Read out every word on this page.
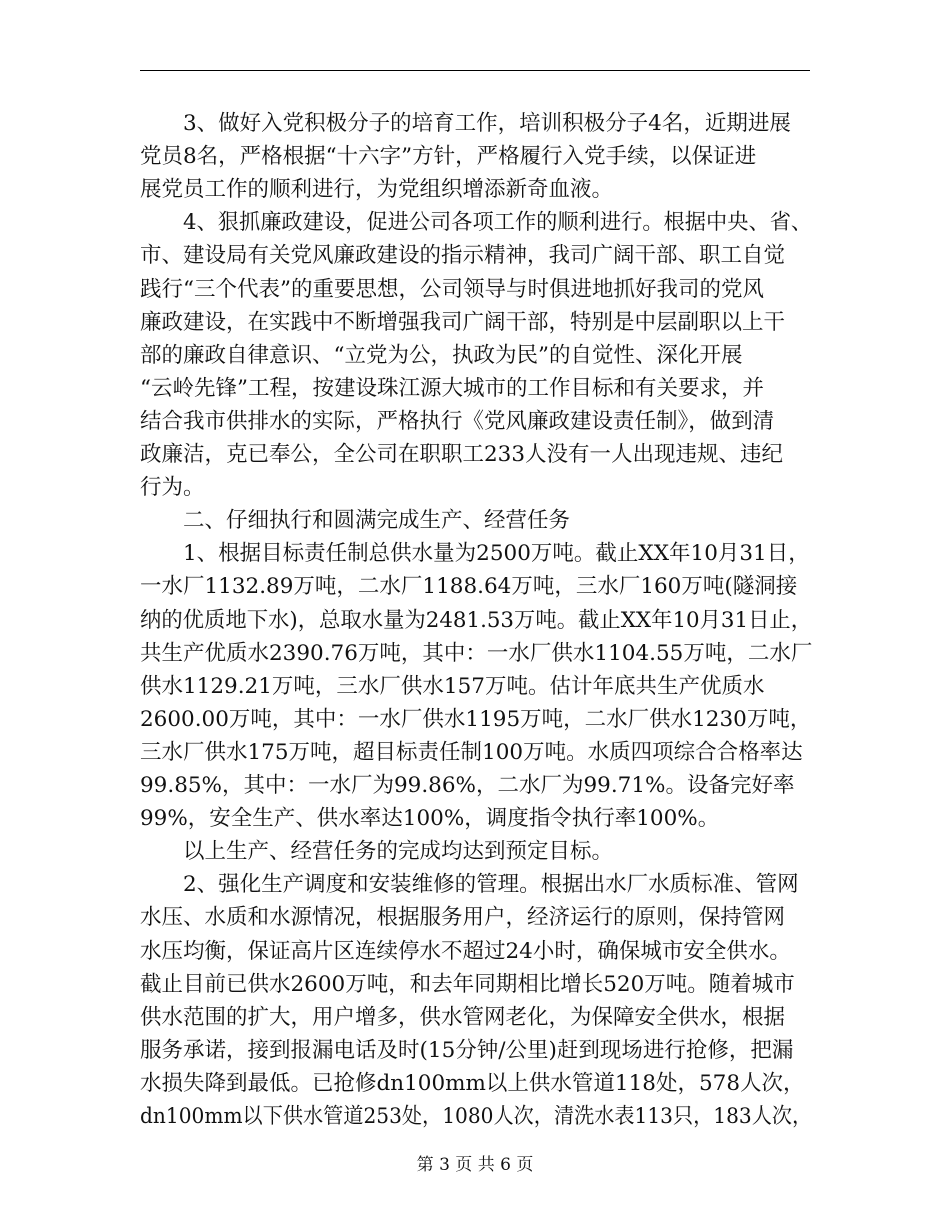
3、做好入党积极分子的培育工作，培训积极分子4名，近期进展
党员8名，严格根据“十六字”方针，严格履行入党手续，以保证进
展党员工作的顺利进行，为党组织增添新奇血液。
4、狠抓廉政建设，促进公司各项工作的顺利进行。根据中央、省、
市、建设局有关党风廉政建设的指示精神，我司广阔干部、职工自觉
践行“三个代表”的重要思想，公司领导与时俱进地抓好我司的党风
廉政建设，在实践中不断增强我司广阔干部，特别是中层副职以上干
部的廉政自律意识、“立党为公，执政为民”的自觉性、深化开展
“云岭先锋”工程，按建设珠江源大城市的工作目标和有关要求，并
结合我市供排水的实际，严格执行《党风廉政建设责任制》，做到清
政廉洁，克已奉公，全公司在职职工233人没有一人出现违规、违纪
行为。
二、仔细执行和圆满完成生产、经营任务
1、根据目标责任制总供水量为2500万吨。截止XX年10月31日，
一水厂1132.89万吨，二水厂1188.64万吨，三水厂160万吨(隧洞接
纳的优质地下水)，总取水量为2481.53万吨。截止XX年10月31日止，
共生产优质水2390.76万吨，其中：一水厂供水1104.55万吨，二水厂
供水1129.21万吨，三水厂供水157万吨。估计年底共生产优质水
2600.00万吨，其中：一水厂供水1195万吨，二水厂供水1230万吨，
三水厂供水175万吨，超目标责任制100万吨。水质四项综合合格率达
99.85%，其中：一水厂为99.86%，二水厂为99.71%。设备完好率
99%，安全生产、供水率达100%，调度指令执行率100%。
以上生产、经营任务的完成均达到预定目标。
2、强化生产调度和安装维修的管理。根据出水厂水质标准、管网
水压、水质和水源情况，根据服务用户，经济运行的原则，保持管网
水压均衡，保证高片区连续停水不超过24小时，确保城市安全供水。
截止目前已供水2600万吨，和去年同期相比增长520万吨。随着城市
供水范围的扩大，用户增多，供水管网老化，为保障安全供水，根据
服务承诺，接到报漏电话及时(15分钟/公里)赶到现场进行抢修，把漏
水损失降到最低。已抢修dn100mm以上供水管道118处，578人次，
dn100mm以下供水管道253处，1080人次，清洗水表113只，183人次，
第 3 页 共 6 页
